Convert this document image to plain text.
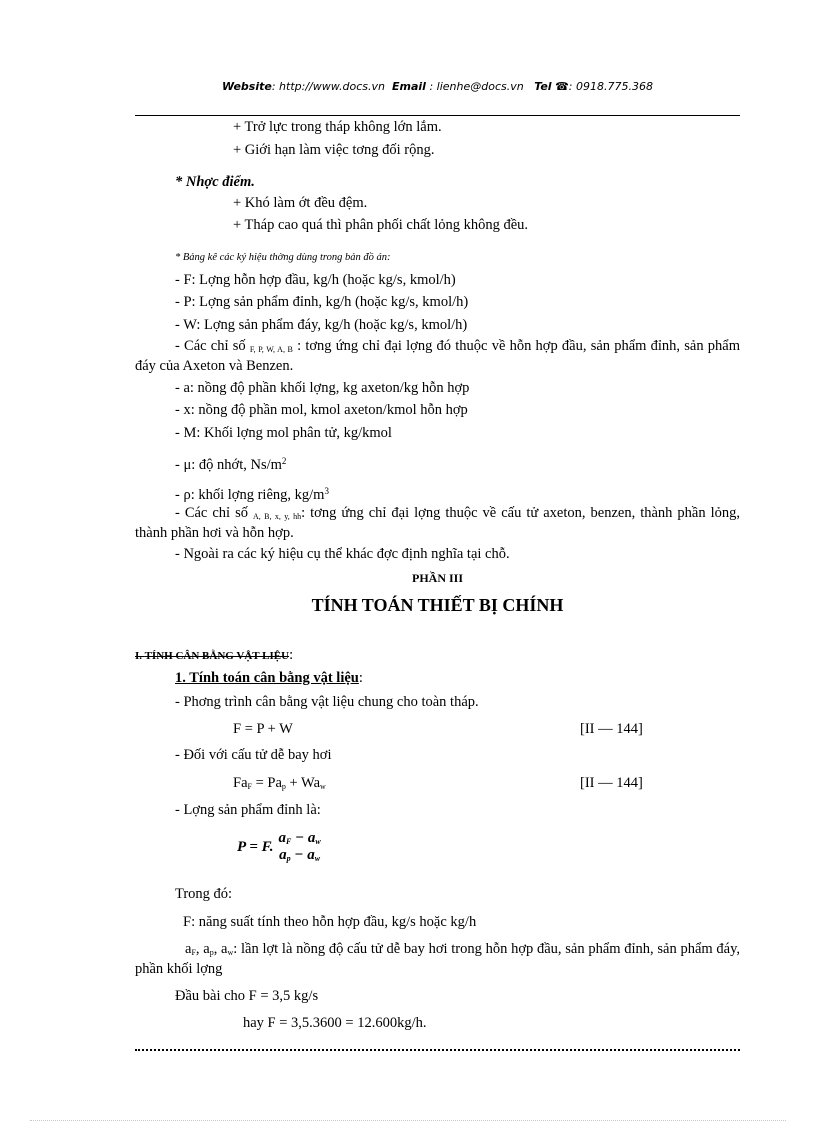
Website: http://www.docs.vn Email : lienhe@docs.vn Tel ☎: 0918.775.368
+ Trở lực trong tháp không lớn lắm.
+ Giới hạn làm việc tơng đối rộng.
* Nhợc điểm.
+ Khó làm ớt đều đệm.
+ Tháp cao quá thì phân phối chất lỏng không đều.
* Bảng kê các ký hiệu thờng dùng trong bản đồ án:
- F: Lợng hỗn hợp đầu, kg/h (hoặc kg/s, kmol/h)
- P: Lợng sản phẩm đỉnh, kg/h (hoặc kg/s, kmol/h)
- W: Lợng sản phẩm đáy, kg/h (hoặc kg/s, kmol/h)
- Các chỉ số $_{F, P, W, A, B}$ : tơng ứng chỉ đại lợng đó thuộc về hỗn hợp đầu, sản phẩm đỉnh, sản phẩm đáy của Axeton và Benzen.
- a: nồng độ phần khối lợng, kg axeton/kg hỗn hợp
- x: nồng độ phần mol, kmol axeton/kmol hỗn hợp
- M: Khối lợng mol phân tử, kg/kmol
- μ: độ nhớt, $Ns/m^2$
- ρ: khối lợng riêng, $kg/m^3$
- Các chỉ số $_{A, B, x, y, hh}$: tơng ứng chỉ đại lợng thuộc về cấu tử axeton, benzen, thành phần lỏng, thành phần hơi và hỗn hợp.
- Ngoài ra các ký hiệu cụ thể khác đợc định nghĩa tại chỗ.
PHẦN III
TÍNH TOÁN THIẾT BỊ CHÍNH
I. TÍNH CÂN BẰNG VẬT LIỆU:
1. Tính toán cân bằng vật liệu:
- Phơng trình cân bằng vật liệu chung cho toàn tháp.
F = P + W	[II — 144]
- Đối với cấu tử dễ bay hơi
$Fa_F = Pa_p + Wa_w$	[II — 144]
- Lợng sản phẩm đỉnh là:
P = F.
$a_F - a_w$
$a_p - a_w$
Trong đó:
F: năng suất tính theo hỗn hợp đầu, kg/s hoặc kg/h
$a_F$, $a_p$, $a_w$: lần lợt là nồng độ cấu tử dễ bay hơi trong hỗn hợp đầu, sản phẩm đỉnh, sản phẩm đáy, phần khối lợng
Đầu bài cho F = 3,5 kg/s
hay F = 3,5.3600 = 12.600kg/h.
